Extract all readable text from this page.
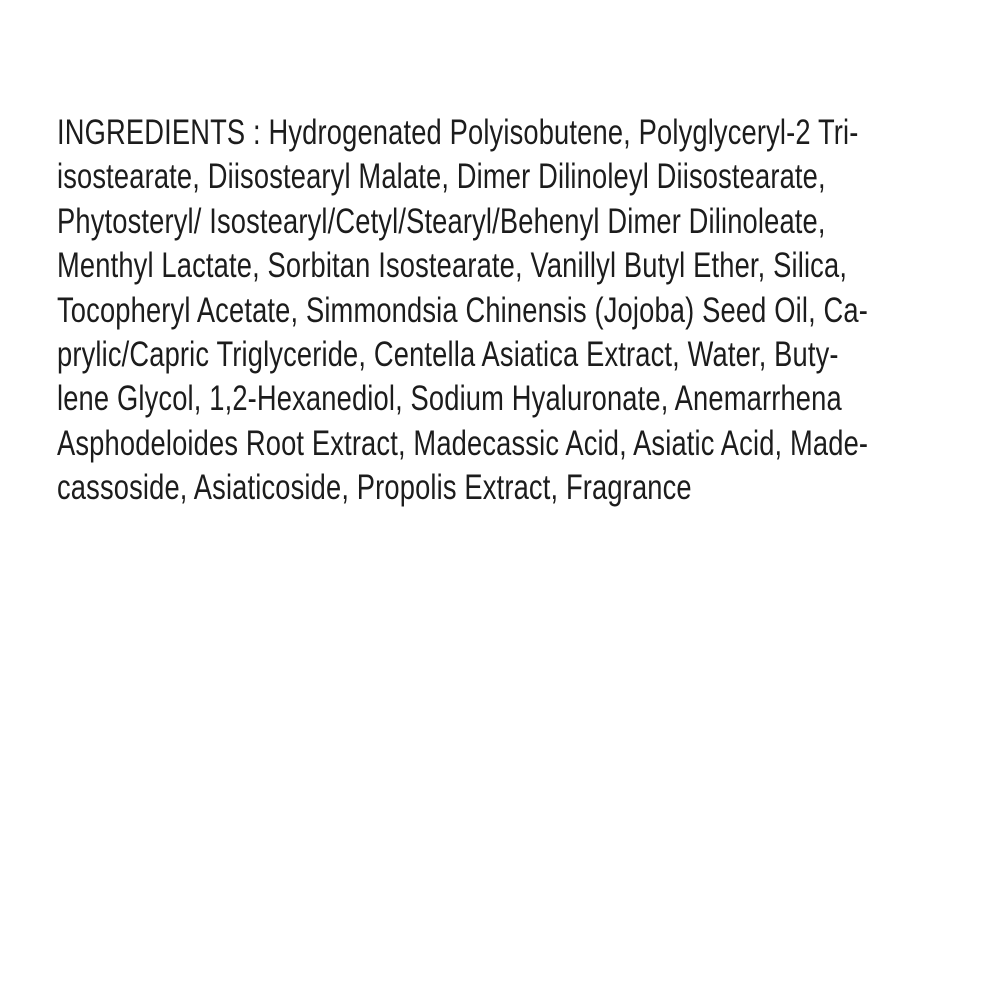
INGREDIENTS : Hydrogenated Polyisobutene, Polyglyceryl-2 Tri-
isostearate, Diisostearyl Malate, Dimer Dilinoleyl Diisostearate,
Phytosteryl/ Isostearyl/Cetyl/Stearyl/Behenyl Dimer Dilinoleate,
Menthyl Lactate, Sorbitan Isostearate, Vanillyl Butyl Ether, Silica,
Tocopheryl Acetate, Simmondsia Chinensis (Jojoba) Seed Oil, Ca-
prylic/Capric Triglyceride, Centella Asiatica Extract, Water, Buty-
lene Glycol, 1,2-Hexanediol, Sodium Hyaluronate, Anemarrhena
Asphodeloides Root Extract, Madecassic Acid, Asiatic Acid, Made-
cassoside, Asiaticoside, Propolis Extract, Fragrance
